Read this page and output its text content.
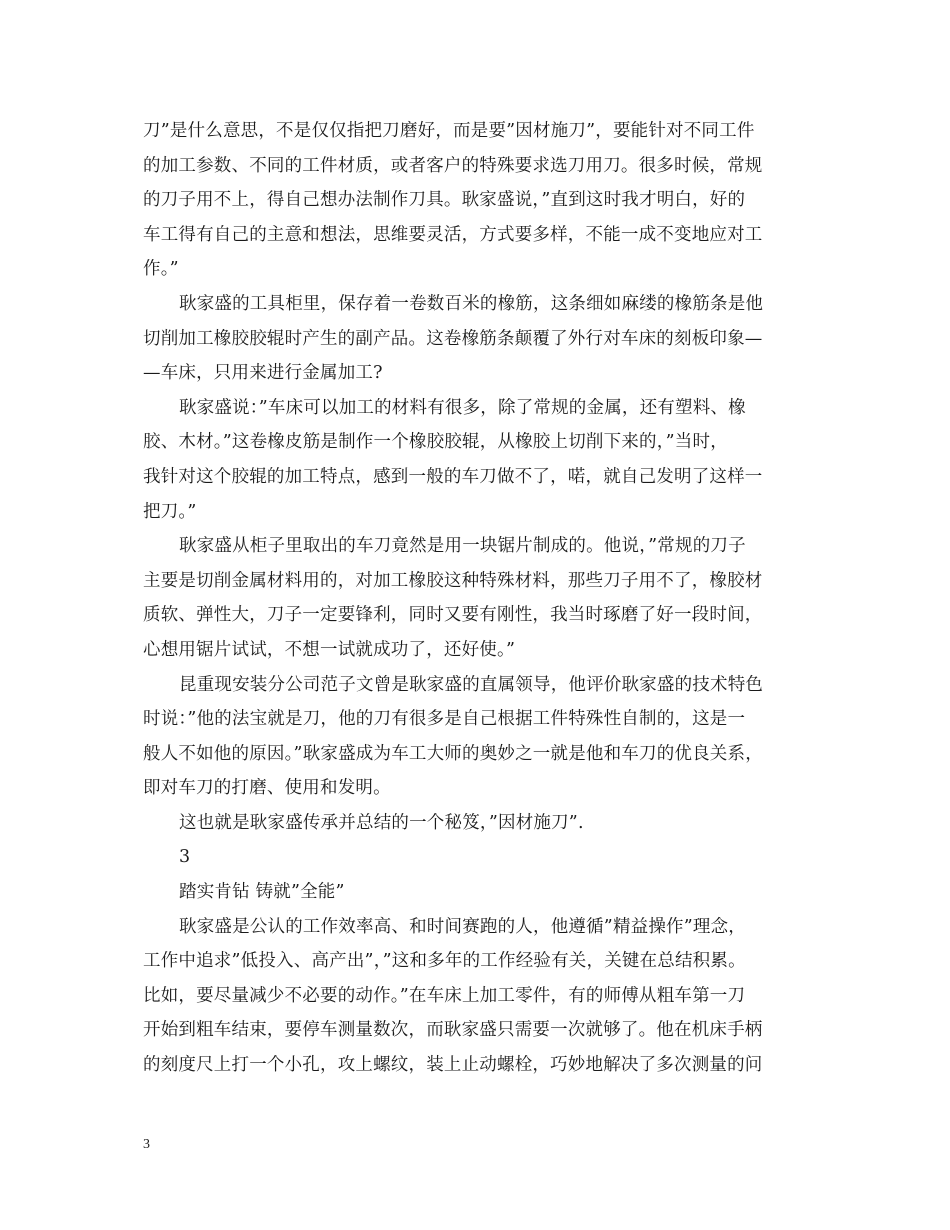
刀”是什么意思，不是仅仅指把刀磨好，而是要”因材施刀”，要能针对不同工件
的加工参数、不同的工件材质，或者客户的特殊要求选刀用刀。很多时候，常规
的刀子用不上，得自己想办法制作刀具。耿家盛说，”直到这时我才明白，好的
车工得有自己的主意和想法，思维要灵活，方式要多样，不能一成不变地应对工
作。”
耿家盛的工具柜里，保存着一卷数百米的橡筋，这条细如麻缕的橡筋条是他
切削加工橡胶胶辊时产生的副产品。这卷橡筋条颠覆了外行对车床的刻板印象—
—车床，只用来进行金属加工?
耿家盛说：”车床可以加工的材料有很多，除了常规的金属，还有塑料、橡
胶、木材。”这卷橡皮筋是制作一个橡胶胶辊，从橡胶上切削下来的，”当时，
我针对这个胶辊的加工特点，感到一般的车刀做不了，喏，就自己发明了这样一
把刀。”
耿家盛从柜子里取出的车刀竟然是用一块锯片制成的。他说，”常规的刀子
主要是切削金属材料用的，对加工橡胶这种特殊材料，那些刀子用不了，橡胶材
质软、弹性大，刀子一定要锋利，同时又要有刚性，我当时琢磨了好一段时间，
心想用锯片试试，不想一试就成功了，还好使。”
昆重现安装分公司范子文曾是耿家盛的直属领导，他评价耿家盛的技术特色
时说：”他的法宝就是刀，他的刀有很多是自己根据工件特殊性自制的，这是一
般人不如他的原因。”耿家盛成为车工大师的奥妙之一就是他和车刀的优良关系，
即对车刀的打磨、使用和发明。
这也就是耿家盛传承并总结的一个秘笈，”因材施刀”.
3
踏实肯钻 铸就”全能”
耿家盛是公认的工作效率高、和时间赛跑的人，他遵循”精益操作”理念，
工作中追求”低投入、高产出”，”这和多年的工作经验有关，关键在总结积累。
比如，要尽量减少不必要的动作。”在车床上加工零件，有的师傅从粗车第一刀
开始到粗车结束，要停车测量数次，而耿家盛只需要一次就够了。他在机床手柄
的刻度尺上打一个小孔，攻上螺纹，装上止动螺栓，巧妙地解决了多次测量的问
3
